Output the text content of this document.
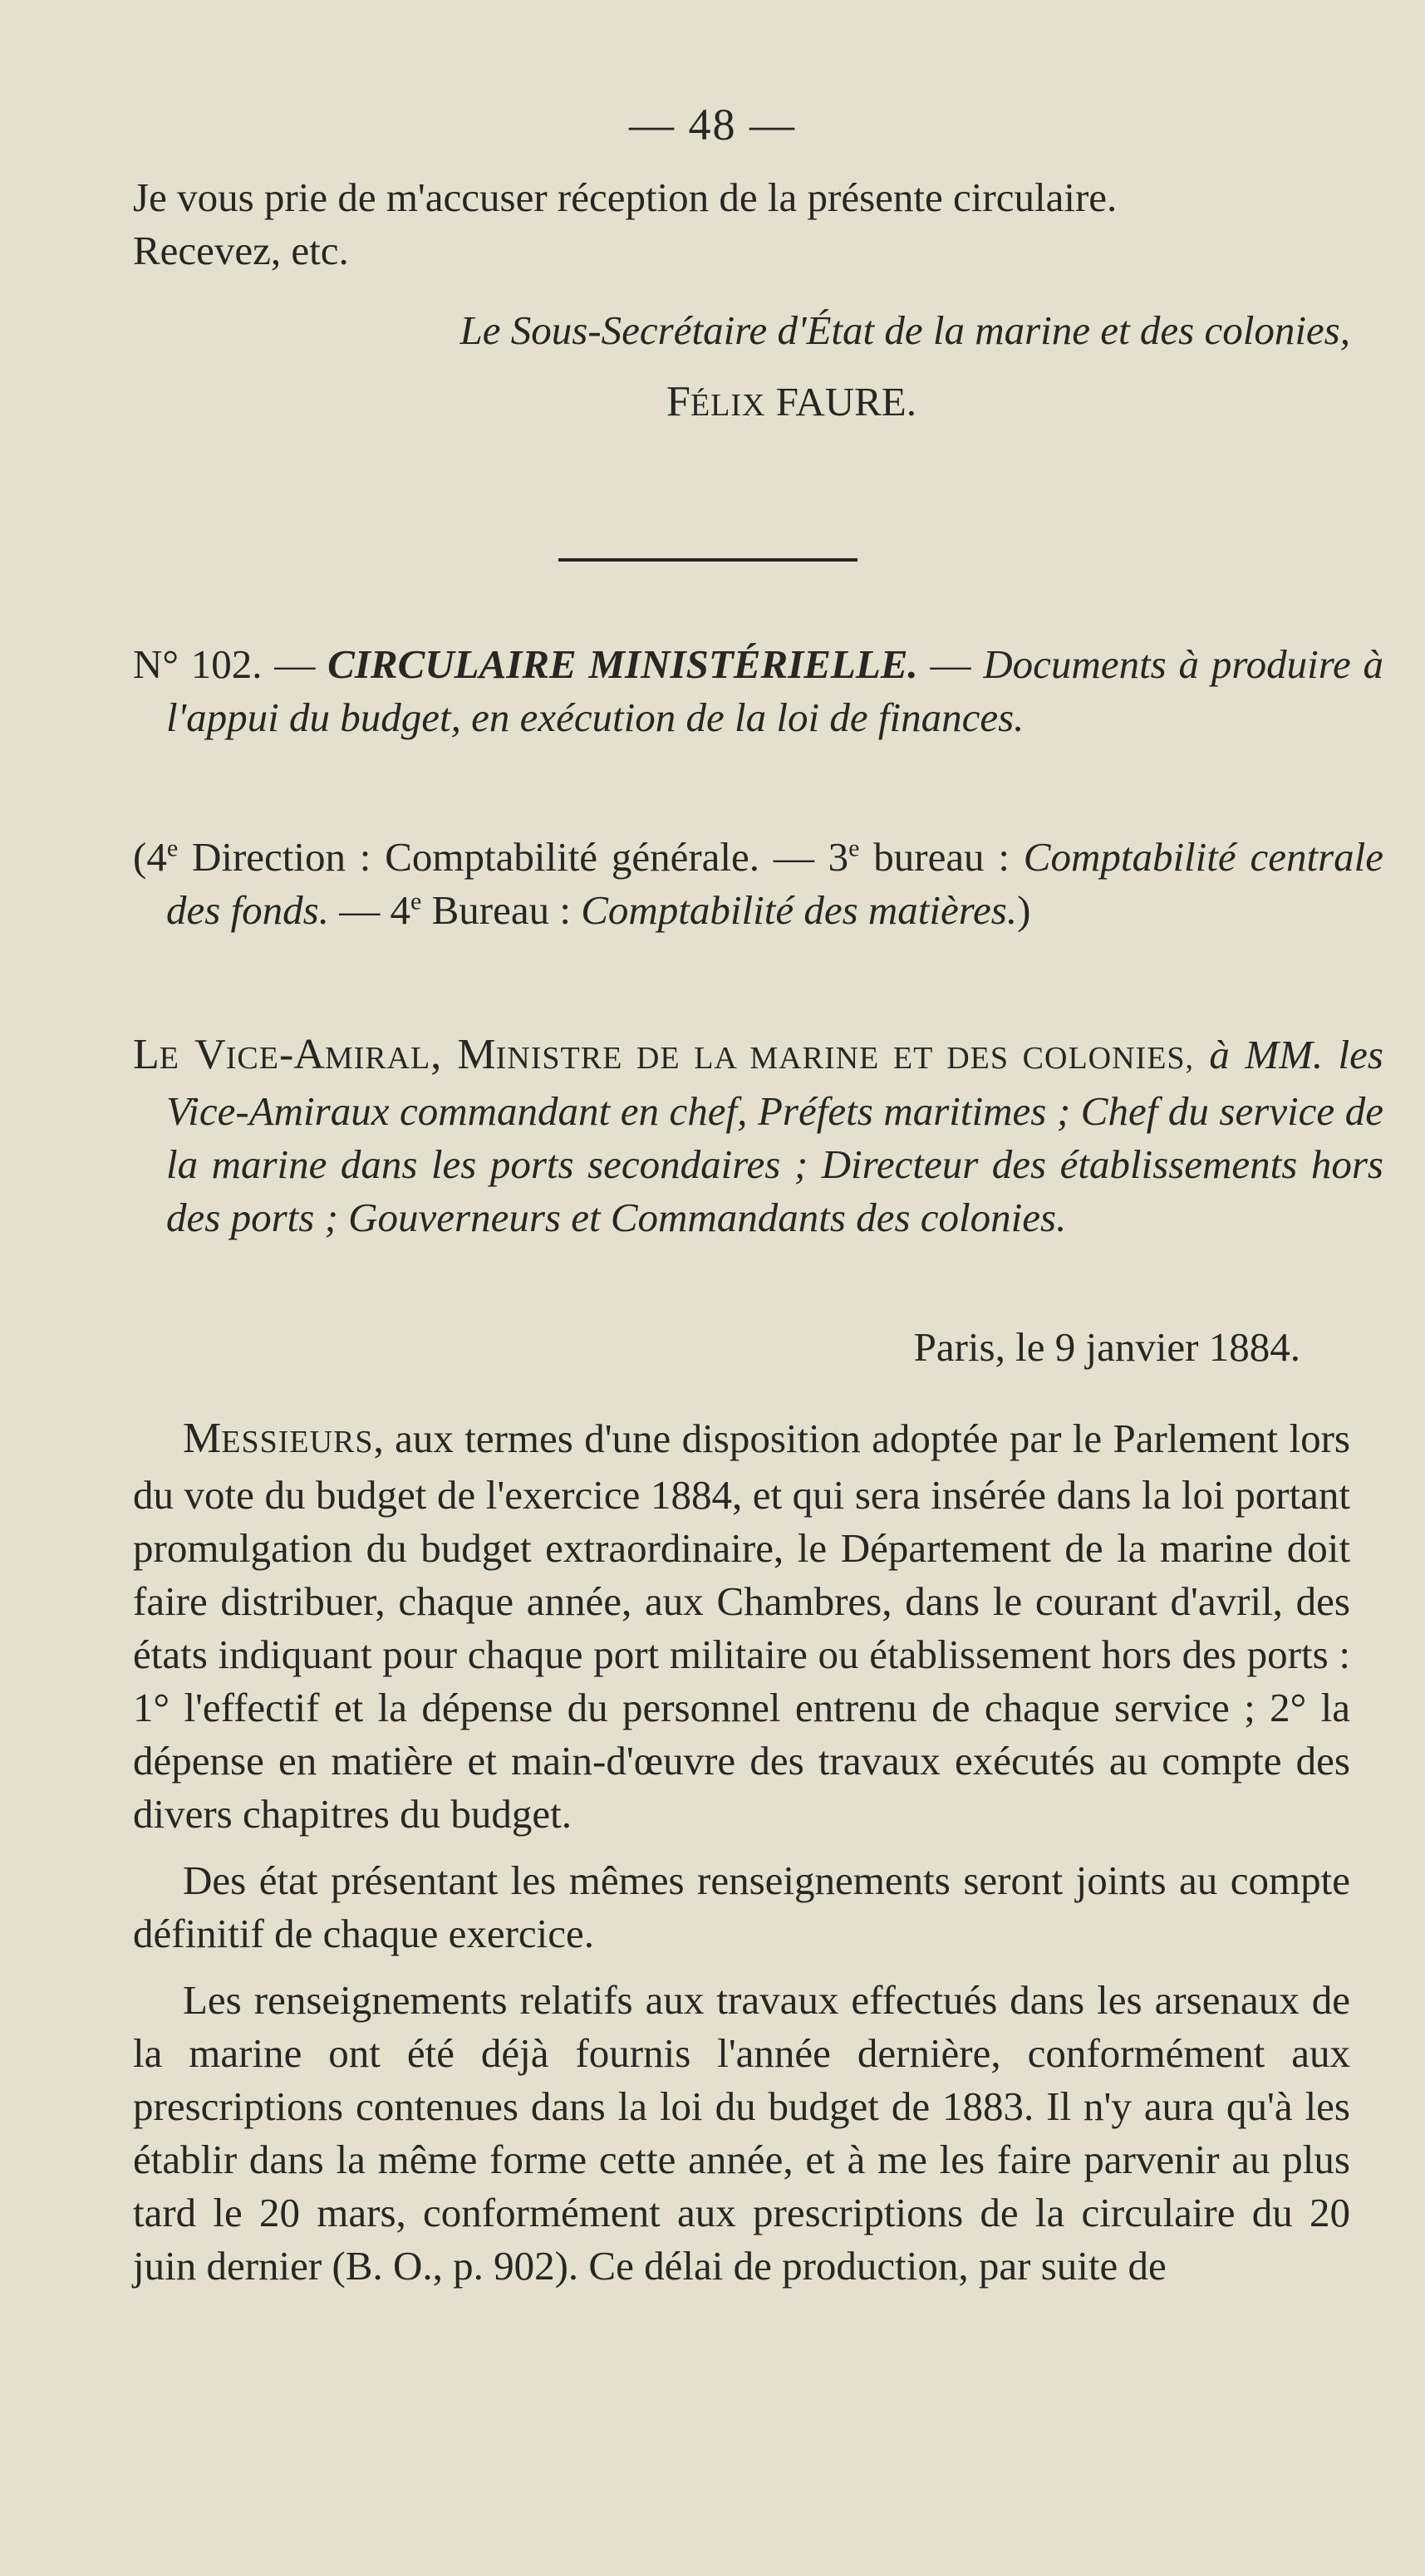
— 48 —

Je vous prie de m'accuser réception de la présente circulaire.

Recevez, etc.

Le Sous-Secrétaire d'État de la marine et des colonies,

FÉLIX FAURE.

N° 102. — CIRCULAIRE MINISTÉRIELLE. — Documents à produire à l'appui du budget, en exécution de la loi de finances.

(4e Direction : Comptabilité générale. — 3e bureau : Comptabilité centrale des fonds. — 4e Bureau : Comptabilité des matières.)

LE VICE-AMIRAL, MINISTRE DE LA MARINE ET DES COLONIES, à MM. les Vice-Amiraux commandant en chef, Préfets maritimes ; Chef du service de la marine dans les ports secondaires ; Directeur des établissements hors des ports ; Gouverneurs et Commandants des colonies.

Paris, le 9 janvier 1884.

MESSIEURS, aux termes d'une disposition adoptée par le Parlement lors du vote du budget de l'exercice 1884, et qui sera insérée dans la loi portant promulgation du budget extraordinaire, le Département de la marine doit faire distribuer, chaque année, aux Chambres, dans le courant d'avril, des états indiquant pour chaque port militaire ou établissement hors des ports : 1° l'effectif et la dépense du personnel entrenu de chaque service ; 2° la dépense en matière et main-d'œuvre des travaux exécutés au compte des divers chapitres du budget.

Des état présentant les mêmes renseignements seront joints au compte définitif de chaque exercice.

Les renseignements relatifs aux travaux effectués dans les arsenaux de la marine ont été déjà fournis l'année dernière, conformément aux prescriptions contenues dans la loi du budget de 1883. Il n'y aura qu'à les établir dans la même forme cette année, et à me les faire parvenir au plus tard le 20 mars, conformément aux prescriptions de la circulaire du 20 juin dernier (B. O., p. 902). Ce délai de production, par suite de
